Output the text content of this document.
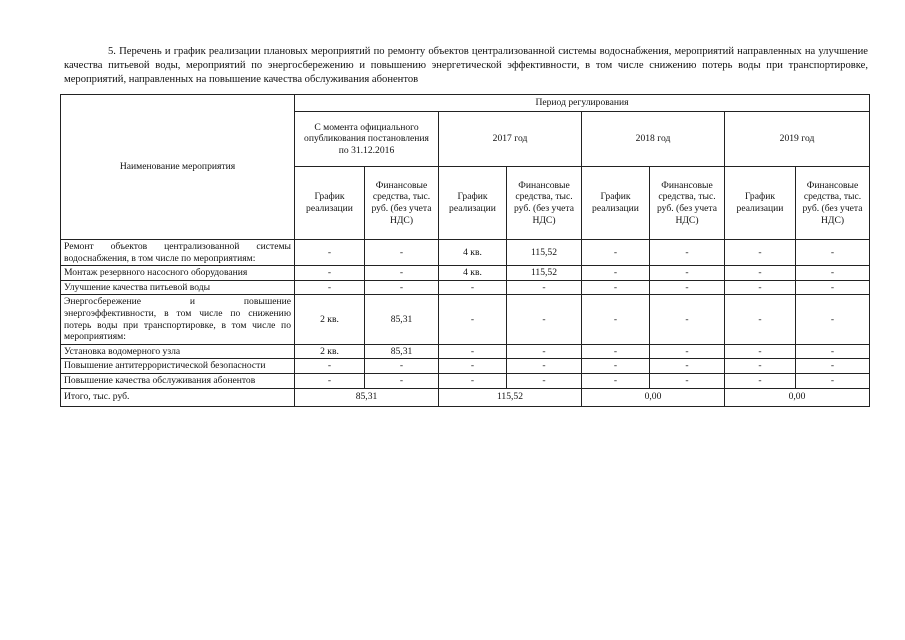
5. Перечень и график реализации плановых мероприятий по ремонту объектов централизованной системы водоснабжения, мероприятий направленных на улучшение качества питьевой воды, мероприятий по энергосбережению и повышению энергетической эффективности, в том числе снижению потерь воды при транспортировке, мероприятий, направленных на повышение качества обслуживания абонентов

Наименование мероприятия	Период регулирования							
	С момента официального опубликования постановления по 31.12.2016		2017 год		2018 год		2019 год	
	График реализации	Финансовые средства, тыс. руб. (без учета НДС)	График реализации	Финансовые средства, тыс. руб. (без учета НДС)	График реализации	Финансовые средства, тыс. руб. (без учета НДС)	График реализации	Финансовые средства, тыс. руб. (без учета НДС)
Ремонт объектов централизованной системы водоснабжения, в том числе по мероприятиям:	-	-	4 кв.	115,52	-	-	-	-
Монтаж резервного насосного оборудования	-	-	4 кв.	115,52	-	-	-	-
Улучшение качества питьевой воды	-	-	-	-	-	-	-	-
Энергосбережение и повышение энергоэффективности, в том числе по снижению потерь воды при транспортировке, в том числе по мероприятиям:	2 кв.	85,31	-	-	-	-	-	-
Установка водомерного узла	2 кв.	85,31	-	-	-	-	-	-
Повышение антитеррористической безопасности	-	-	-	-	-	-	-	-
Повышение качества обслуживания абонентов	-	-	-	-	-	-	-	-
Итого, тыс. руб.	85,31		115,52		0,00		0,00	
